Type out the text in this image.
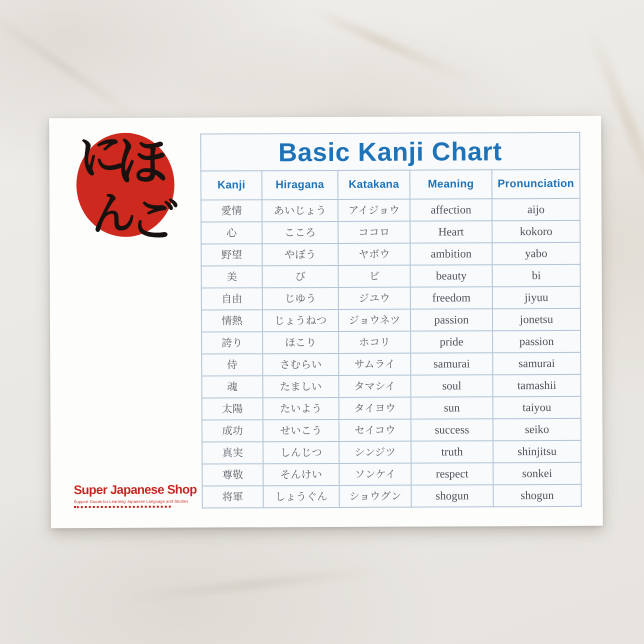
に
ほ
ん
ご
Basic Kanji Chart				
Kanji	Hiragana	Katakana	Meaning	Pronunciation
愛情	あいじょう	アイジョウ	affection	aijo
心	こころ	ココロ	Heart	kokoro
野望	やぼう	ヤボウ	ambition	yabo
美	び	ビ	beauty	bi
自由	じゆう	ジユウ	freedom	jiyuu
情熱	じょうねつ	ジョウネツ	passion	jonetsu
誇り	ほこり	ホコリ	pride	passion
侍	さむらい	サムライ	samurai	samurai
魂	たましい	タマシイ	soul	tamashii
太陽	たいよう	タイヨウ	sun	taiyou
成功	せいこう	セイコウ	success	seiko
真実	しんじつ	シンジツ	truth	shinjitsu
尊敬	そんけい	ソンケイ	respect	sonkei
将軍	しょうぐん	ショウグン	shogun	shogun
Super Japanese Shop
Support Goods for Learning Japanese Language and Studies
